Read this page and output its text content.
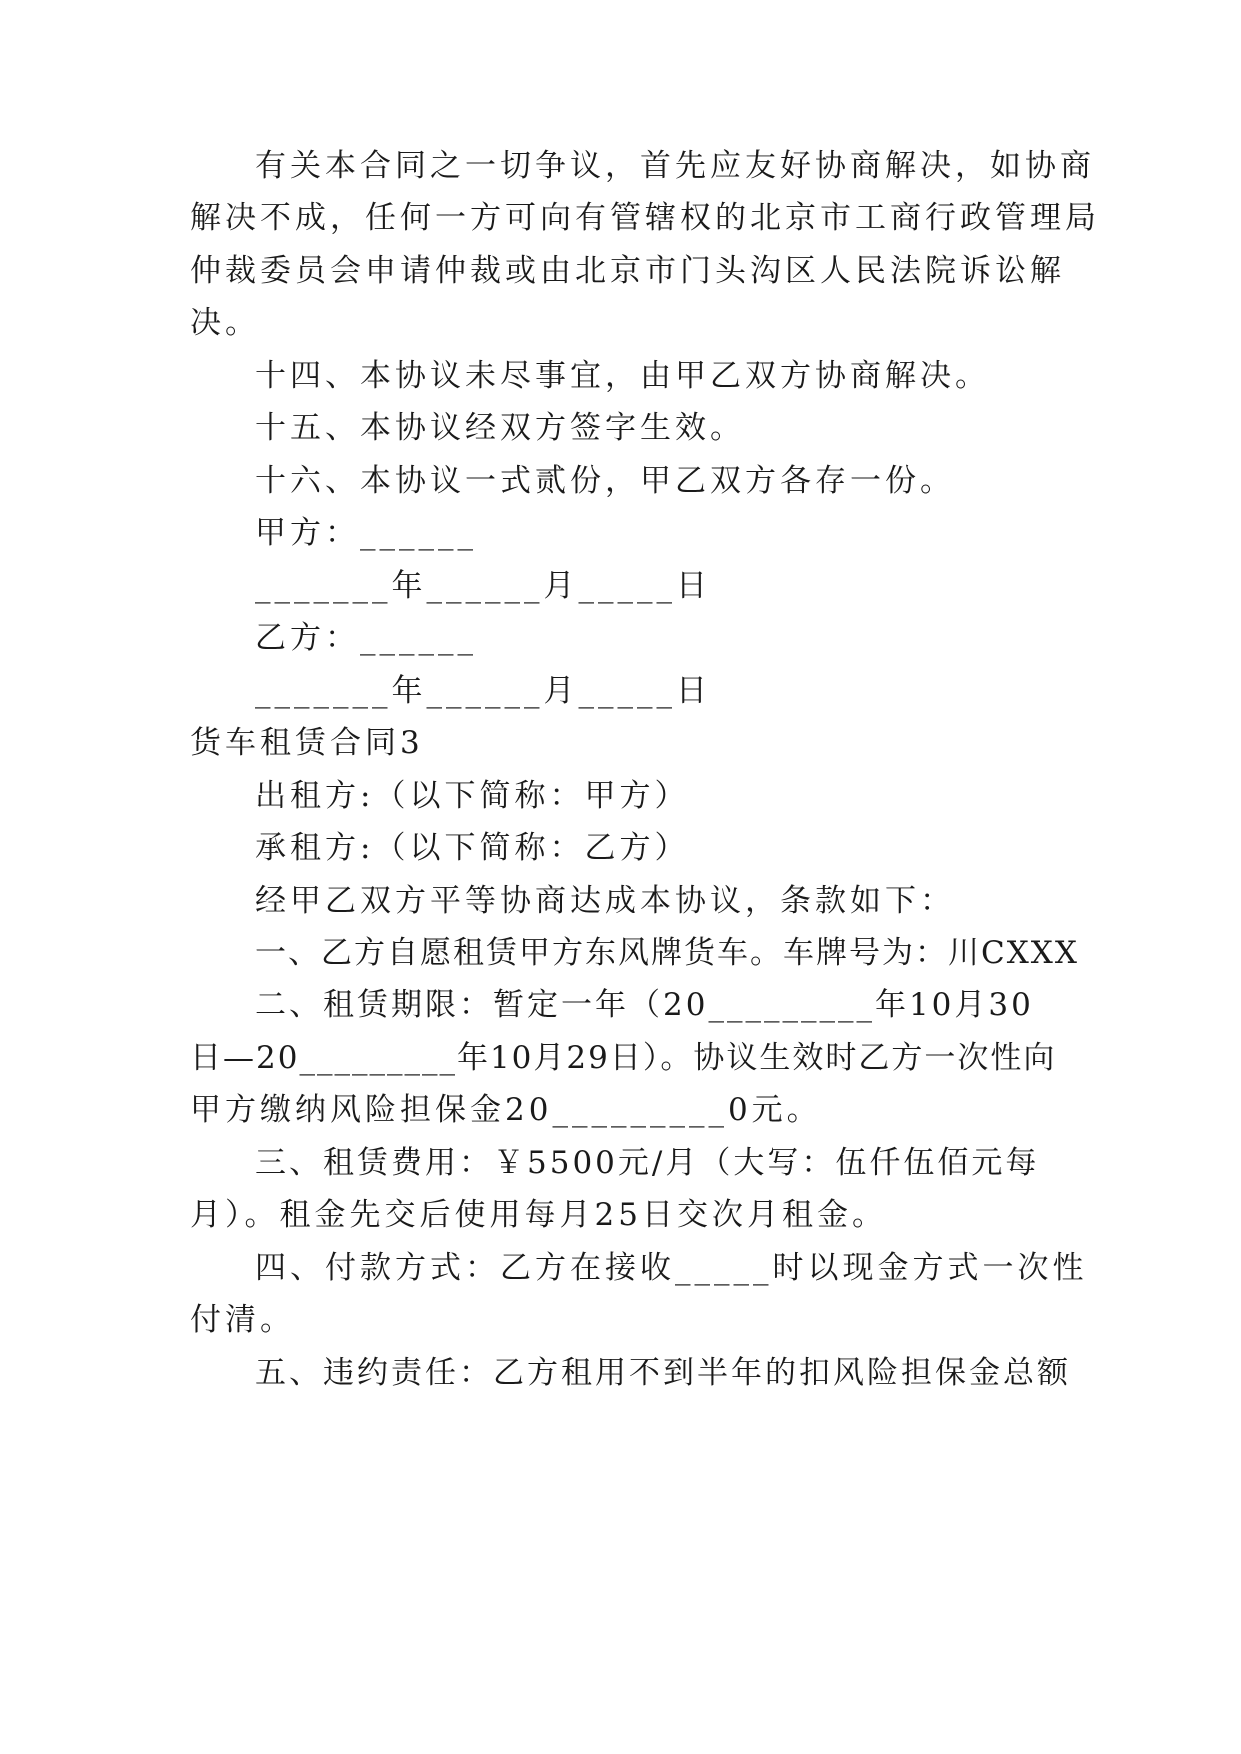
有关本合同之一切争议，首先应友好协商解决，如协商
解决不成，任何一方可向有管辖权的北京市工商行政管理局
仲裁委员会申请仲裁或由北京市门头沟区人民法院诉讼解
决。
十四、本协议未尽事宜，由甲乙双方协商解决。
十五、本协议经双方签字生效。
十六、本协议一式贰份，甲乙双方各存一份。
甲方：______
_______年______月_____日
乙方：______
_______年______月_____日
货车租赁合同3
出租方:（以下简称：甲方）
承租方:（以下简称：乙方）
经甲乙双方平等协商达成本协议，条款如下：
一、乙方自愿租赁甲方东风牌货车。车牌号为：川CXXX
二、租赁期限：暂定一年（20_________年10月30
日—20_________年10月29日）。协议生效时乙方一次性向
甲方缴纳风险担保金20_________0元。
三、租赁费用：￥5500元/月（大写：伍仟伍佰元每
月）。租金先交后使用每月25日交次月租金。
四、付款方式：乙方在接收_____时以现金方式一次性
付清。
五、违约责任：乙方租用不到半年的扣风险担保金总额
